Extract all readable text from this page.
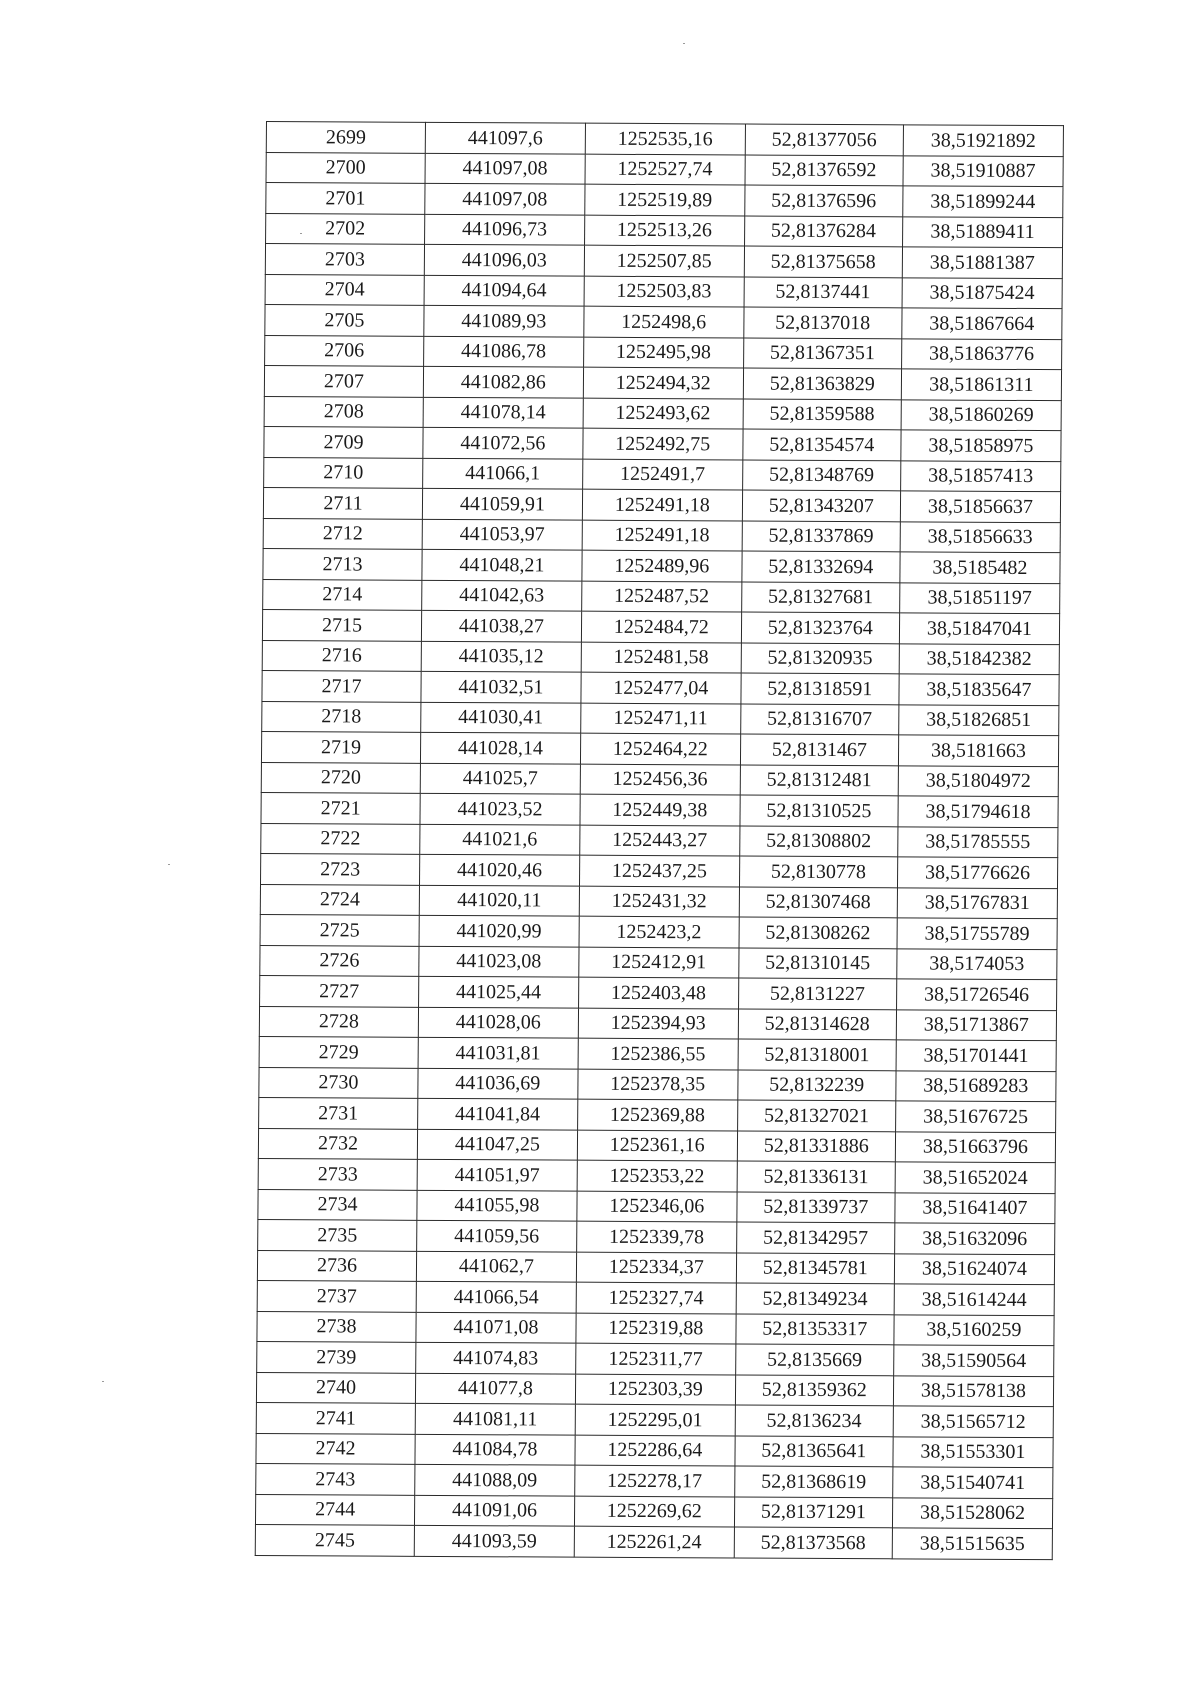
2699	441097,6	1252535,16	52,81377056	38,51921892
2700	441097,08	1252527,74	52,81376592	38,51910887
2701	441097,08	1252519,89	52,81376596	38,51899244
2702	441096,73	1252513,26	52,81376284	38,51889411
2703	441096,03	1252507,85	52,81375658	38,51881387
2704	441094,64	1252503,83	52,8137441	38,51875424
2705	441089,93	1252498,6	52,8137018	38,51867664
2706	441086,78	1252495,98	52,81367351	38,51863776
2707	441082,86	1252494,32	52,81363829	38,51861311
2708	441078,14	1252493,62	52,81359588	38,51860269
2709	441072,56	1252492,75	52,81354574	38,51858975
2710	441066,1	1252491,7	52,81348769	38,51857413
2711	441059,91	1252491,18	52,81343207	38,51856637
2712	441053,97	1252491,18	52,81337869	38,51856633
2713	441048,21	1252489,96	52,81332694	38,5185482
2714	441042,63	1252487,52	52,81327681	38,51851197
2715	441038,27	1252484,72	52,81323764	38,51847041
2716	441035,12	1252481,58	52,81320935	38,51842382
2717	441032,51	1252477,04	52,81318591	38,51835647
2718	441030,41	1252471,11	52,81316707	38,51826851
2719	441028,14	1252464,22	52,8131467	38,5181663
2720	441025,7	1252456,36	52,81312481	38,51804972
2721	441023,52	1252449,38	52,81310525	38,51794618
2722	441021,6	1252443,27	52,81308802	38,51785555
2723	441020,46	1252437,25	52,8130778	38,51776626
2724	441020,11	1252431,32	52,81307468	38,51767831
2725	441020,99	1252423,2	52,81308262	38,51755789
2726	441023,08	1252412,91	52,81310145	38,5174053
2727	441025,44	1252403,48	52,8131227	38,51726546
2728	441028,06	1252394,93	52,81314628	38,51713867
2729	441031,81	1252386,55	52,81318001	38,51701441
2730	441036,69	1252378,35	52,8132239	38,51689283
2731	441041,84	1252369,88	52,81327021	38,51676725
2732	441047,25	1252361,16	52,81331886	38,51663796
2733	441051,97	1252353,22	52,81336131	38,51652024
2734	441055,98	1252346,06	52,81339737	38,51641407
2735	441059,56	1252339,78	52,81342957	38,51632096
2736	441062,7	1252334,37	52,81345781	38,51624074
2737	441066,54	1252327,74	52,81349234	38,51614244
2738	441071,08	1252319,88	52,81353317	38,5160259
2739	441074,83	1252311,77	52,8135669	38,51590564
2740	441077,8	1252303,39	52,81359362	38,51578138
2741	441081,11	1252295,01	52,8136234	38,51565712
2742	441084,78	1252286,64	52,81365641	38,51553301
2743	441088,09	1252278,17	52,81368619	38,51540741
2744	441091,06	1252269,62	52,81371291	38,51528062
2745	441093,59	1252261,24	52,81373568	38,51515635
